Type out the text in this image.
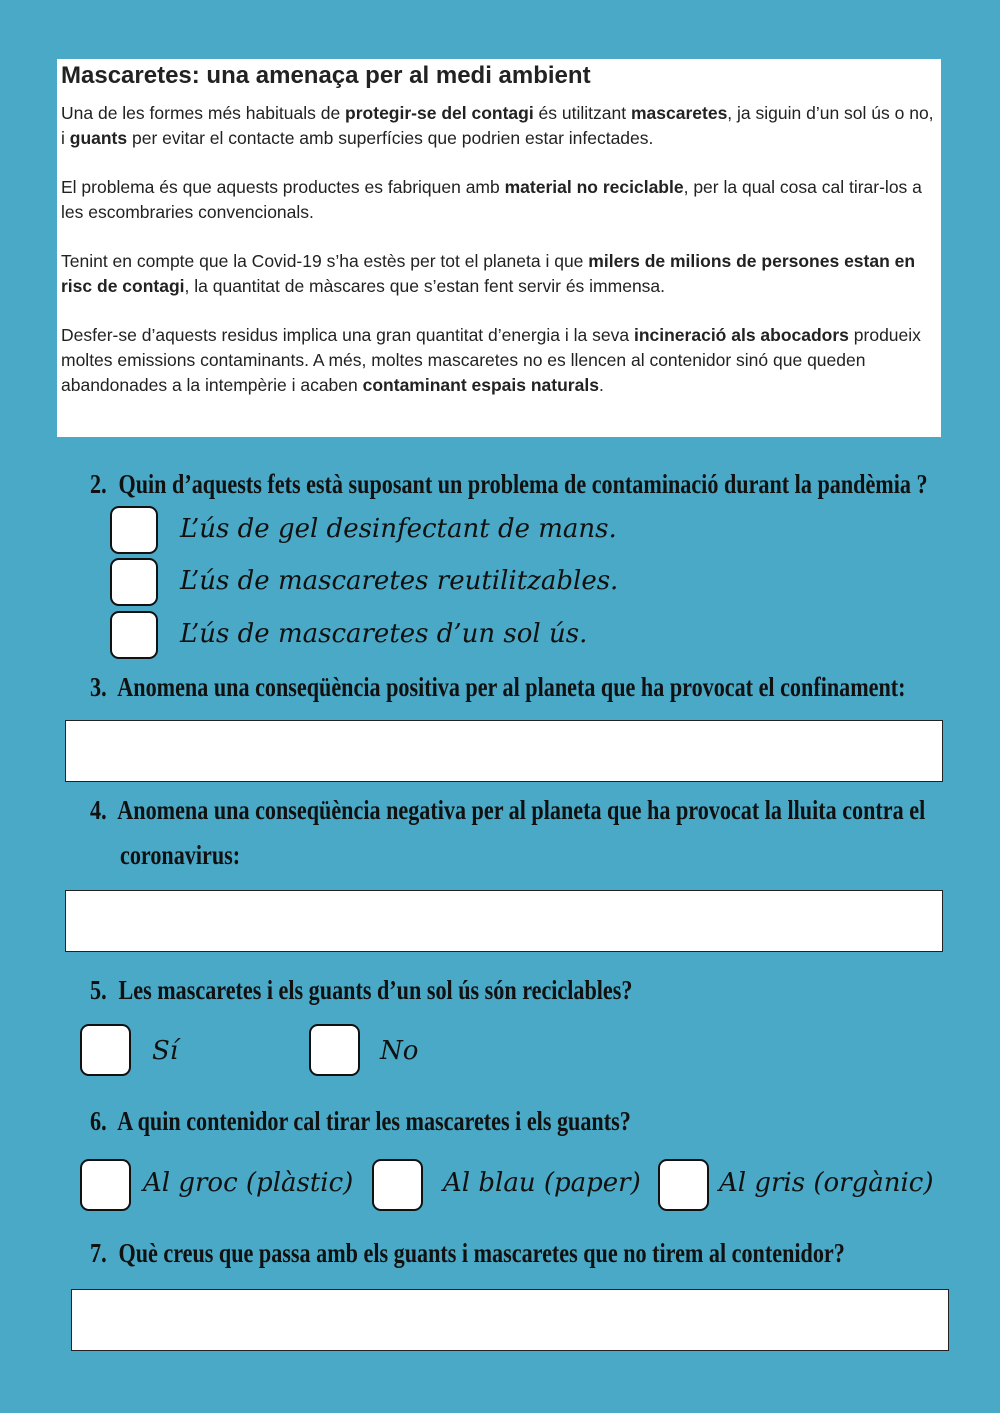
Mascaretes: una amenaça per al medi ambient

Una de les formes més habituals de protegir-se del contagi és utilitzant mascaretes, ja siguin d’un sol ús o no, i guants per evitar el contacte amb superfícies que podrien estar infectades.

El problema és que aquests productes es fabriquen amb material no reciclable, per la qual cosa cal tirar-los a les escombraries convencionals.

Tenint en compte que la Covid-19 s’ha estès per tot el planeta i que milers de milions de persones estan en risc de contagi, la quantitat de màscares que s’estan fent servir és immensa.

Desfer-se d’aquests residus implica una gran quantitat d’energia i la seva incineració als abocadors produeix moltes emissions contaminants. A més, moltes mascaretes no es llencen al contenidor sinó que queden abandonades a la intempèrie i acaben contaminant espais naturals.

2. Quin d’aquests fets està suposant un problema de contaminació durant la pandèmia ?
L’ús de gel desinfectant de mans.
L’ús de mascaretes reutilitzables.
L’ús de mascaretes d’un sol ús.
3. Anomena una conseqüència positiva per al planeta que ha provocat el confinament:
4. Anomena una conseqüència negativa per al planeta que ha provocat la lluita contra el
coronavirus:
5. Les mascaretes i els guants d’un sol ús són reciclables?
Sí	No
6. A quin contenidor cal tirar les mascaretes i els guants?
Al groc (plàstic)	Al blau (paper)	Al gris (orgànic)
7. Què creus que passa amb els guants i mascaretes que no tirem al contenidor?
